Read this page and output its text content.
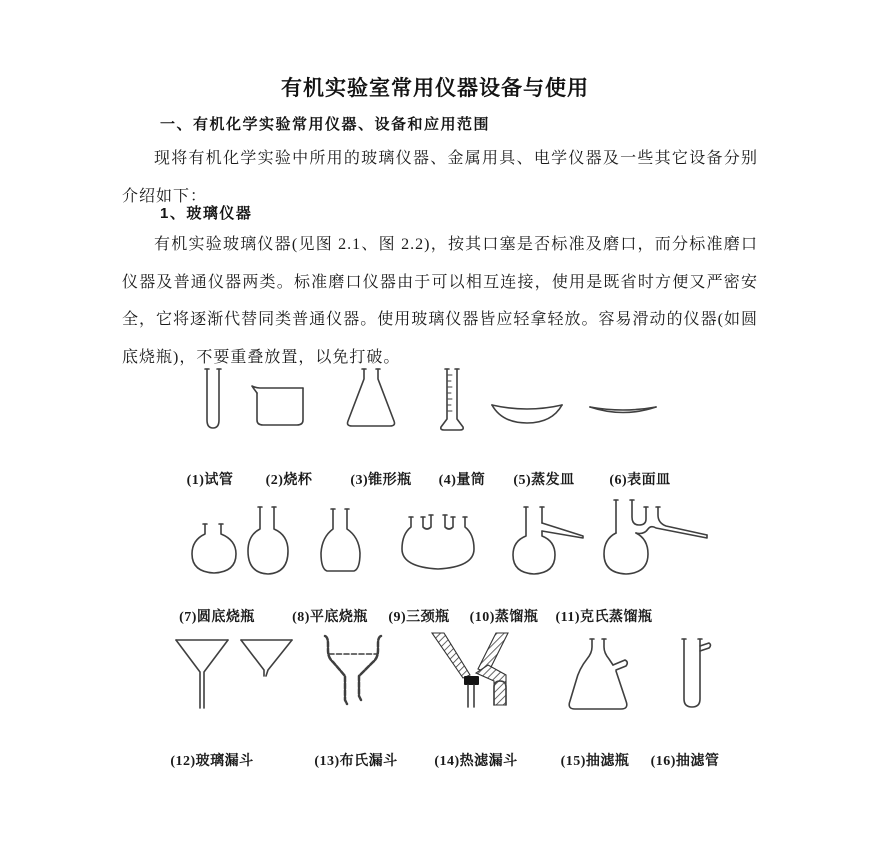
有机实验室常用仪器设备与使用
一、有机化学实验常用仪器、设备和应用范围
现将有机化学实验中所用的玻璃仪器、金属用具、电学仪器及一些其它设备分别介绍如下：
1、玻璃仪器
有机实验玻璃仪器(见图 2.1、图 2.2)，按其口塞是否标准及磨口，而分标准磨口仪器及普通仪器两类。标准磨口仪器由于可以相互连接，使用是既省时方便又严密安全，它将逐渐代替同类普通仪器。使用玻璃仪器皆应轻拿轻放。容易滑动的仪器(如圆底烧瓶)，不要重叠放置，以免打破。
(1)试管 (2)烧杯	(3)锥形瓶 (4)量筒 (5)蒸发皿 (6)表面皿
(7)圆底烧瓶	(8)平底烧瓶 (9)三颈瓶 (10)蒸馏瓶 (11)克氏蒸馏瓶
(12)玻璃漏斗	(13)布氏漏斗	(14)热滤漏斗	(15)抽滤瓶 (16)抽滤管
